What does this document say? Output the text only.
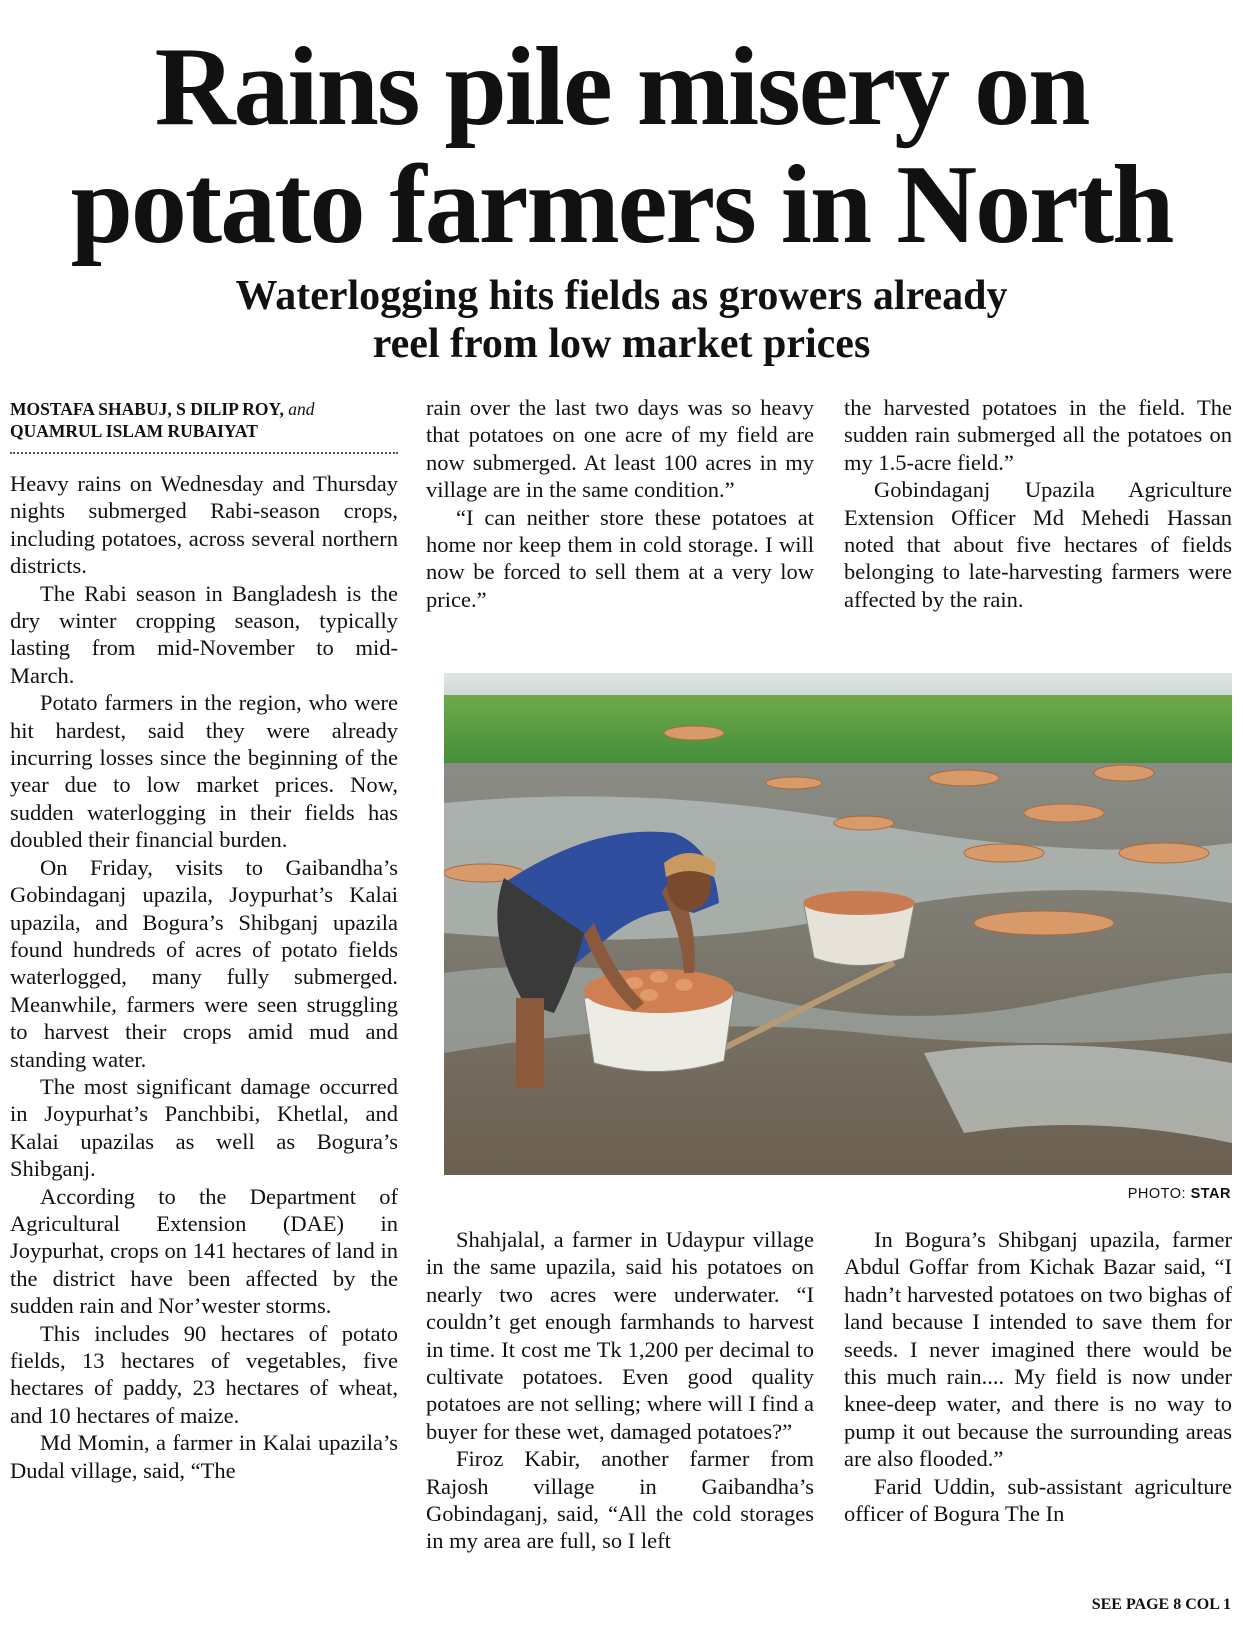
Rains pile misery on
potato farmers in North
Waterlogging hits fields as growers already
reel from low market prices
MOSTAFA SHABUJ, S DILIP ROY, and
QUAMRUL ISLAM RUBAIYAT

Heavy rains on Wednesday and Thursday nights submerged Rabi-season crops, including potatoes, across several northern districts.

The Rabi season in Bangladesh is the dry winter cropping season, typically lasting from mid-November to mid-March.

Potato farmers in the region, who were hit hardest, said they were already incurring losses since the beginning of the year due to low market prices. Now, sudden waterlogging in their fields has doubled their financial burden.

On Friday, visits to Gaibandha’s Gobindaganj upazila, Joypurhat’s Kalai upazila, and Bogura’s Shibganj upazila found hundreds of acres of potato fields waterlogged, many fully submerged. Meanwhile, farmers were seen struggling to harvest their crops amid mud and standing water.

The most significant damage occurred in Joypurhat’s Panchbibi, Khetlal, and Kalai upazilas as well as Bogura’s Shibganj.

According to the Department of Agricultural Extension (DAE) in Joypurhat, crops on 141 hectares of land in the district have been affected by the sudden rain and Nor’wester storms.

This includes 90 hectares of potato fields, 13 hectares of vegetables, five hectares of paddy, 23 hectares of wheat, and 10 hectares of maize.

Md Momin, a farmer in Kalai upazila’s Dudal village, said, “The

rain over the last two days was so heavy that potatoes on one acre of my field are now submerged. At least 100 acres in my village are in the same condition.”

“I can neither store these potatoes at home nor keep them in cold storage. I will now be forced to sell them at a very low price.”

the harvested potatoes in the field. The sudden rain submerged all the potatoes on my 1.5-acre field.”

Gobindaganj Upazila Agriculture Extension Officer Md Mehedi Hassan noted that about five hectares of fields belonging to late-harvesting farmers were affected by the rain.

PHOTO: STAR

Shahjalal, a farmer in Udaypur village in the same upazila, said his potatoes on nearly two acres were underwater. “I couldn’t get enough farmhands to harvest in time. It cost me Tk 1,200 per decimal to cultivate potatoes. Even good quality potatoes are not selling; where will I find a buyer for these wet, damaged potatoes?”

Firoz Kabir, another farmer from Rajosh village in Gaibandha’s Gobindaganj, said, “All the cold storages in my area are full, so I left

In Bogura’s Shibganj upazila, farmer Abdul Goffar from Kichak Bazar said, “I hadn’t harvested potatoes on two bighas of land because I intended to save them for seeds. I never imagined there would be this much rain.... My field is now under knee-deep water, and there is no way to pump it out because the surrounding areas are also flooded.”

Farid Uddin, sub-assistant agriculture officer of Bogura The In

SEE PAGE 8 COL 1
